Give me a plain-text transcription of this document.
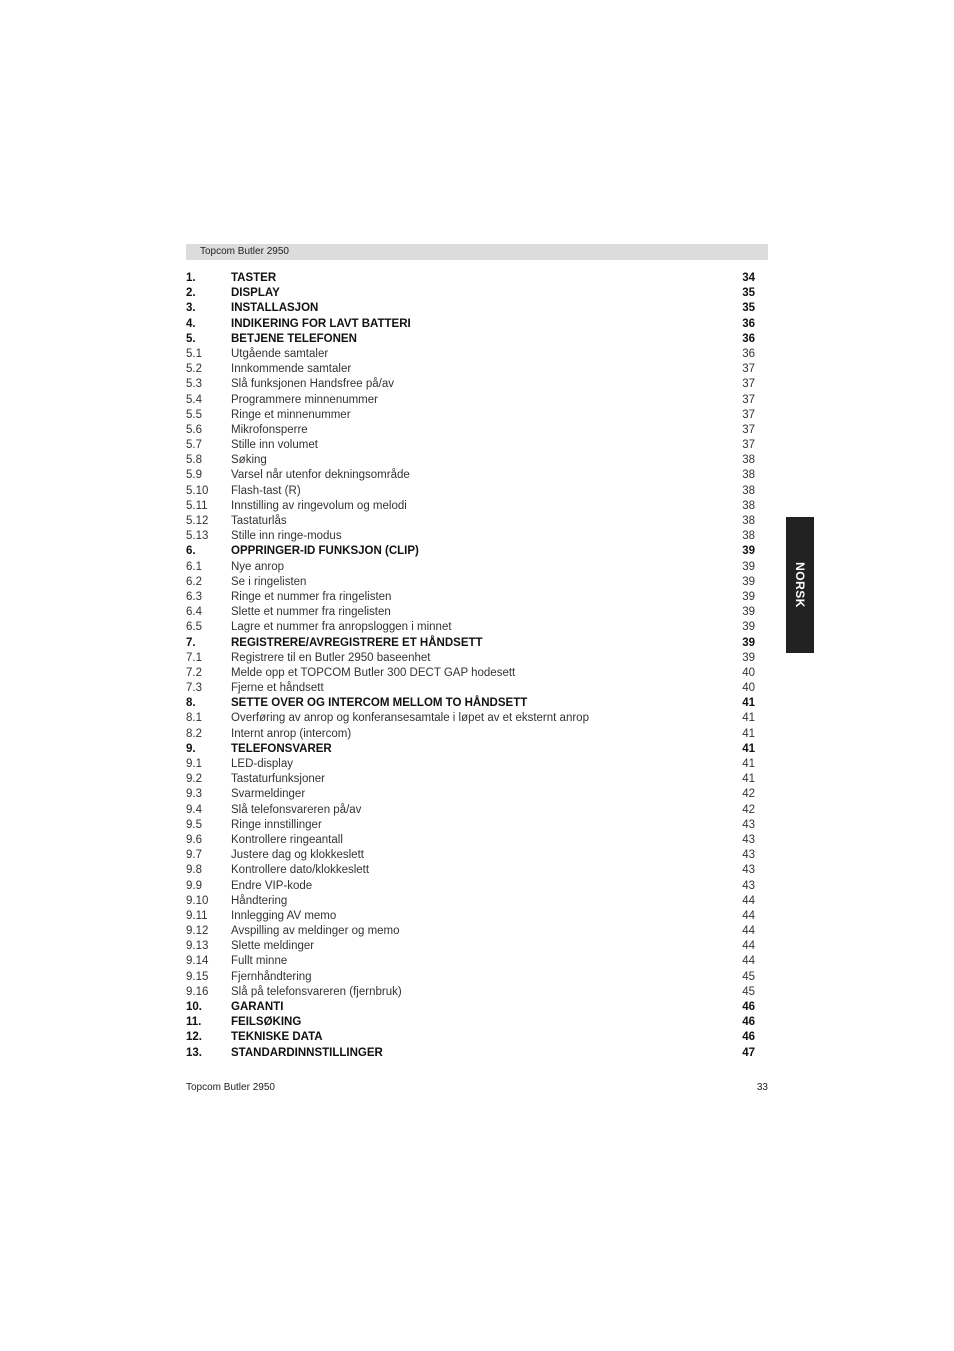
Topcom Butler 2950
1.	TASTER	34
2.	DISPLAY	35
3.	INSTALLASJON	35
4.	INDIKERING FOR LAVT BATTERI	36
5.	BETJENE TELEFONEN	36
5.1	Utgående samtaler	36
5.2	Innkommende samtaler	37
5.3	Slå funksjonen Handsfree på/av	37
5.4	Programmere minnenummer	37
5.5	Ringe et minnenummer	37
5.6	Mikrofonsperre	37
5.7	Stille inn volumet	37
5.8	Søking	38
5.9	Varsel når utenfor dekningsområde	38
5.10 Flash-tast (R)	38
5.11 Innstilling av ringevolum og melodi	38
5.12 Tastaturlås	38
5.13 Stille inn ringe-modus	38
6.	OPPRINGER-ID FUNKSJON (CLIP)	39
6.1	Nye anrop	39
6.2	Se i ringelisten	39
6.3	Ringe et nummer fra ringelisten	39
6.4	Slette et nummer fra ringelisten	39
6.5	Lagre et nummer fra anropsloggen i minnet	39
7.	REGISTRERE/AVREGISTRERE ET HÅNDSETT	39
7.1	Registrere til en Butler 2950 baseenhet	39
7.2	Melde opp et TOPCOM Butler 300 DECT GAP hodesett	40
7.3	Fjerne et håndsett	40
8.	SETTE OVER OG INTERCOM MELLOM TO HÅNDSETT	41
8.1	Overføring av anrop og konferansesamtale i løpet av et eksternt anrop	41
8.2	Internt anrop (intercom)	41
9.	TELEFONSVARER	41
9.1	LED-display	41
9.2	Tastaturfunksjoner	41
9.3	Svarmeldinger	42
9.4	Slå telefonsvareren på/av	42
9.5	Ringe innstillinger	43
9.6	Kontrollere ringeantall	43
9.7	Justere dag og klokkeslett	43
9.8	Kontrollere dato/klokkeslett	43
9.9	Endre VIP-kode	43
9.10 Håndtering	44
9.11 Innlegging AV memo	44
9.12 Avspilling av meldinger og memo	44
9.13 Slette meldinger	44
9.14 Fullt minne	44
9.15 Fjernhåndtering	45
9.16 Slå på telefonsvareren (fjernbruk)	45
10.	GARANTI	46
11.	FEILSØKING	46
12.	TEKNISKE DATA	46
13.	STANDARDINNSTILLINGER	47
Topcom Butler 2950	33
NORSK
